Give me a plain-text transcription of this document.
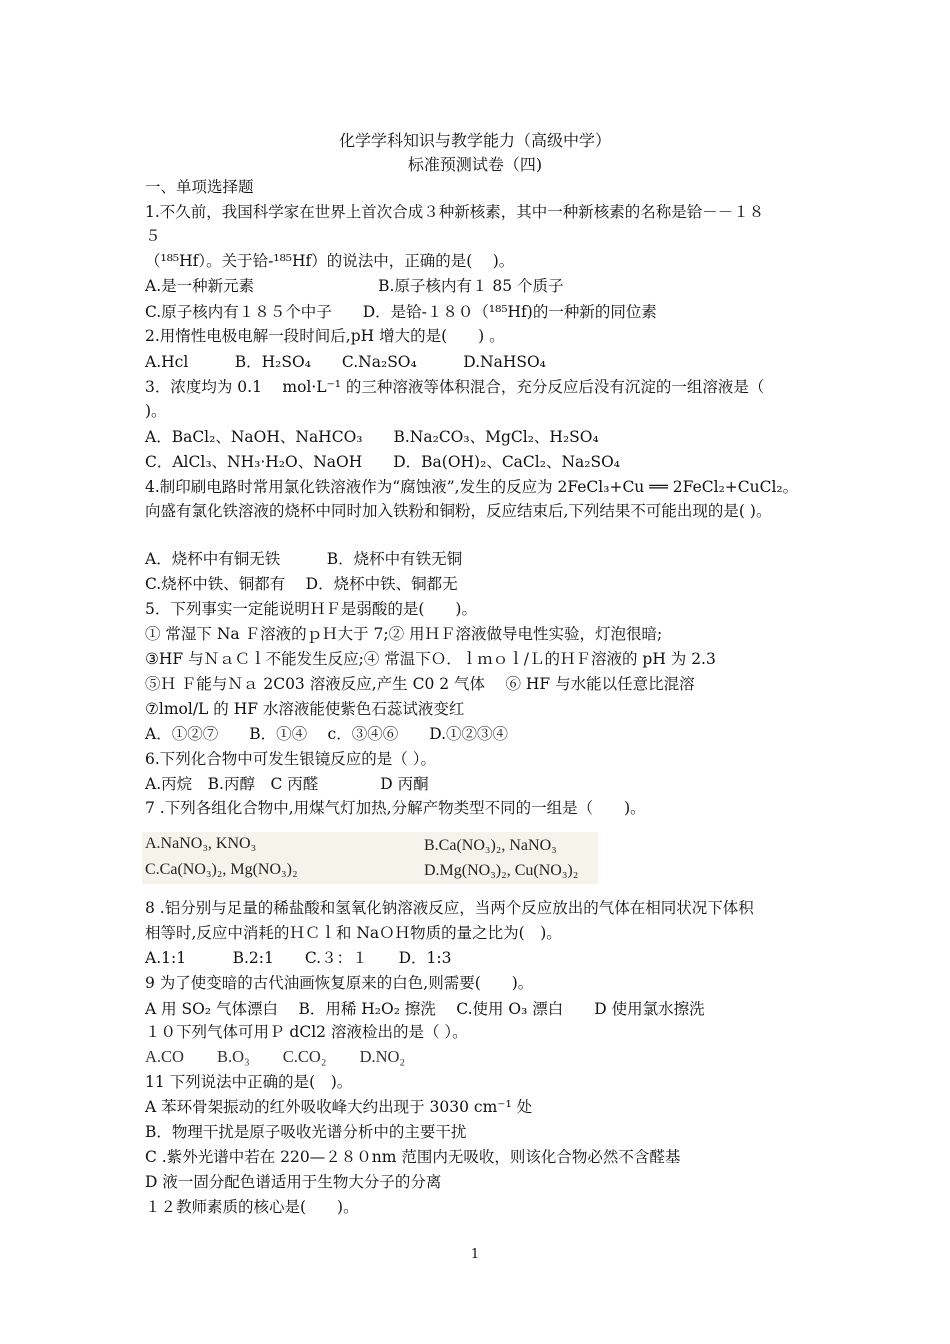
化学学科知识与教学能力（高级中学）
标准预测试卷（四)
一、单项选择题
1.不久前，我国科学家在世界上首次合成３种新核素，其中一种新核素的名称是铪－－１８
５
（¹⁸⁵Hf）。关于铪-¹⁸⁵Hf）的说法中，正确的是(　 )。
A.是一种新元素　　　　　　　　B.原子核内有１ 85 个质子
C.原子核内有１８５个中子　　D．是铪-１８０（¹⁸⁵Hf)的一种新的同位素
2.用惰性电极电解一段时间后,pH 增大的是(　　) 。
A.Hcl　　　B．H₂SO₄　　C.Na₂SO₄　　　D.NaHSO₄
3．浓度均为 0.1　 mol·L⁻¹ 的三种溶液等体积混合，充分反应后没有沉淀的一组溶液是（
)。
A．BaCl₂、NaOH、NaHCO₃　　B.Na₂CO₃、MgCl₂、H₂SO₄
C．AlCl₃、NH₃·H₂O、NaOH　　D．Ba(OH)₂、CaCl₂、Na₂SO₄
4.制印刷电路时常用氯化铁溶液作为“腐蚀液”,发生的反应为 2FeCl₃+Cu ══ 2FeCl₂+CuCl₂。
向盛有氯化铁溶液的烧杯中同时加入铁粉和铜粉，反应结束后,下列结果不可能出现的是( )。
A．烧杯中有铜无铁　　　B．烧杯中有铁无铜
C.烧杯中铁、铜都有　 D．烧杯中铁、铜都无
5．下列事实一定能说明ＨＦ是弱酸的是(　　)。
① 常湿下 Na Ｆ溶液的ｐＨ大于 7;② 用ＨＦ溶液做导电性实验，灯泡很暗;
③HF 与ＮａＣｌ不能发生反应;④ 常温下Ｏ．ｌｍｏｌ/Ｌ的ＨＦ溶液的 pH 为 2.3
⑤Ｈ Ｆ能与Ｎａ 2C03 溶液反应,产生 C0 2 气体　 ⑥ HF 与水能以任意比混溶
⑦lmol/L 的 HF 水溶液能使紫色石蕊试液变红
A．①②⑦　　B．①④　 c．③④⑥　　D.①②③④
6.下列化合物中可发生银镜反应的是（ ）。
A.丙烷　B.丙醇　C 丙醛　　　　D 丙酮
7 .下列各组化合物中,用煤气灯加热,分解产物类型不同的一组是（　　)。
A.NaNO₃, KNO₃	B.Ca(NO₃)₂, NaNO₃
C.Ca(NO₃)₂, Mg(NO₃)₂	D.Mg(NO₃)₂, Cu(NO₃)₂
8 .铝分别与足量的稀盐酸和氢氧化钠溶液反应，当两个反应放出的气体在相同状况下体积
相等时,反应中消耗的ＨＣｌ和 NaＯＨ物质的量之比为(　)。
A.1:1　　　B.2:1　　C.３：１　　D．1:3
9 为了使变暗的古代油画恢复原来的白色,则需要(　　)。
A 用 SO₂ 气体漂白　 B．用稀 H₂O₂ 擦洗　 C.使用 O₃ 漂白　　D 使用氯水擦洗
１０下列气体可用Ｐ dCl2 溶液检出的是（ ）。
A.CO　　B.O₃　　C.CO₂　　D.NO₂
11 下列说法中正确的是(　)。
A 苯环骨架振动的红外吸收峰大约出现于 3030 cm⁻¹ 处
B．物理干扰是原子吸收光谱分析中的主要干扰
C .紫外光谱中若在 220—２８０nm 范围内无吸收，则该化合物必然不含醛基
D 液一固分配色谱适用于生物大分子的分离
１２教师素质的核心是(　　)。
1
